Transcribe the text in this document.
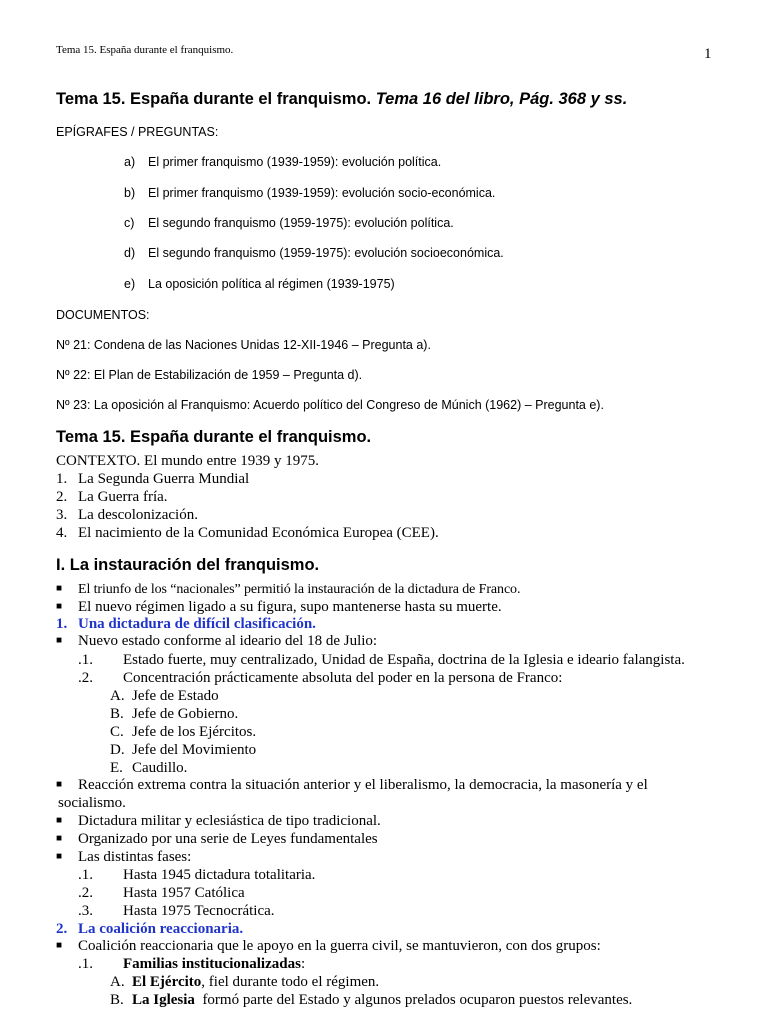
Tema 15. España durante el franquismo.	1
Tema 15. España durante el franquismo. Tema 16 del libro, Pág. 368 y ss.
EPÍGRAFES / PREGUNTAS:
a) El primer franquismo (1939-1959): evolución política.
b) El primer franquismo (1939-1959): evolución socio-económica.
c) El segundo franquismo (1959-1975): evolución política.
d) El segundo franquismo (1959-1975): evolución socioeconómica.
e) La oposición política al régimen (1939-1975)
DOCUMENTOS:
Nº 21: Condena de las Naciones Unidas 12-XII-1946 – Pregunta a).
Nº 22: El Plan de Estabilización de 1959 – Pregunta d).
Nº 23: La oposición al Franquismo: Acuerdo político del Congreso de Múnich (1962) – Pregunta e).
Tema 15. España durante el franquismo.
CONTEXTO. El mundo entre 1939 y 1975.
1. La Segunda Guerra Mundial
2. La Guerra fría.
3. La descolonización.
4. El nacimiento de la Comunidad Económica Europea (CEE).
I. La instauración del franquismo.
■ El triunfo de los “nacionales” permitió la instauración de la dictadura de Franco.
■ El nuevo régimen ligado a su figura, supo mantenerse hasta su muerte.
1. Una dictadura de difícil clasificación.
■ Nuevo estado conforme al ideario del 18 de Julio:
.1. Estado fuerte, muy centralizado, Unidad de España, doctrina de la Iglesia e ideario falangista.
.2. Concentración prácticamente absoluta del poder en la persona de Franco:
A. Jefe de Estado
B. Jefe de Gobierno.
C. Jefe de los Ejércitos.
D. Jefe del Movimiento
E. Caudillo.
■ Reacción extrema contra la situación anterior y el liberalismo, la democracia, la masonería y el
socialismo.
■ Dictadura militar y eclesiástica de tipo tradicional.
■ Organizado por una serie de Leyes fundamentales
■ Las distintas fases:
.1. Hasta 1945 dictadura totalitaria.
.2. Hasta 1957 Católica
.3. Hasta 1975 Tecnocrática.
2. La coalición reaccionaria.
■ Coalición reaccionaria que le apoyo en la guerra civil, se mantuvieron, con dos grupos:
.1. Familias institucionalizadas:
A. El Ejército, fiel durante todo el régimen.
B. La Iglesia  formó parte del Estado y algunos prelados ocuparon puestos relevantes.
